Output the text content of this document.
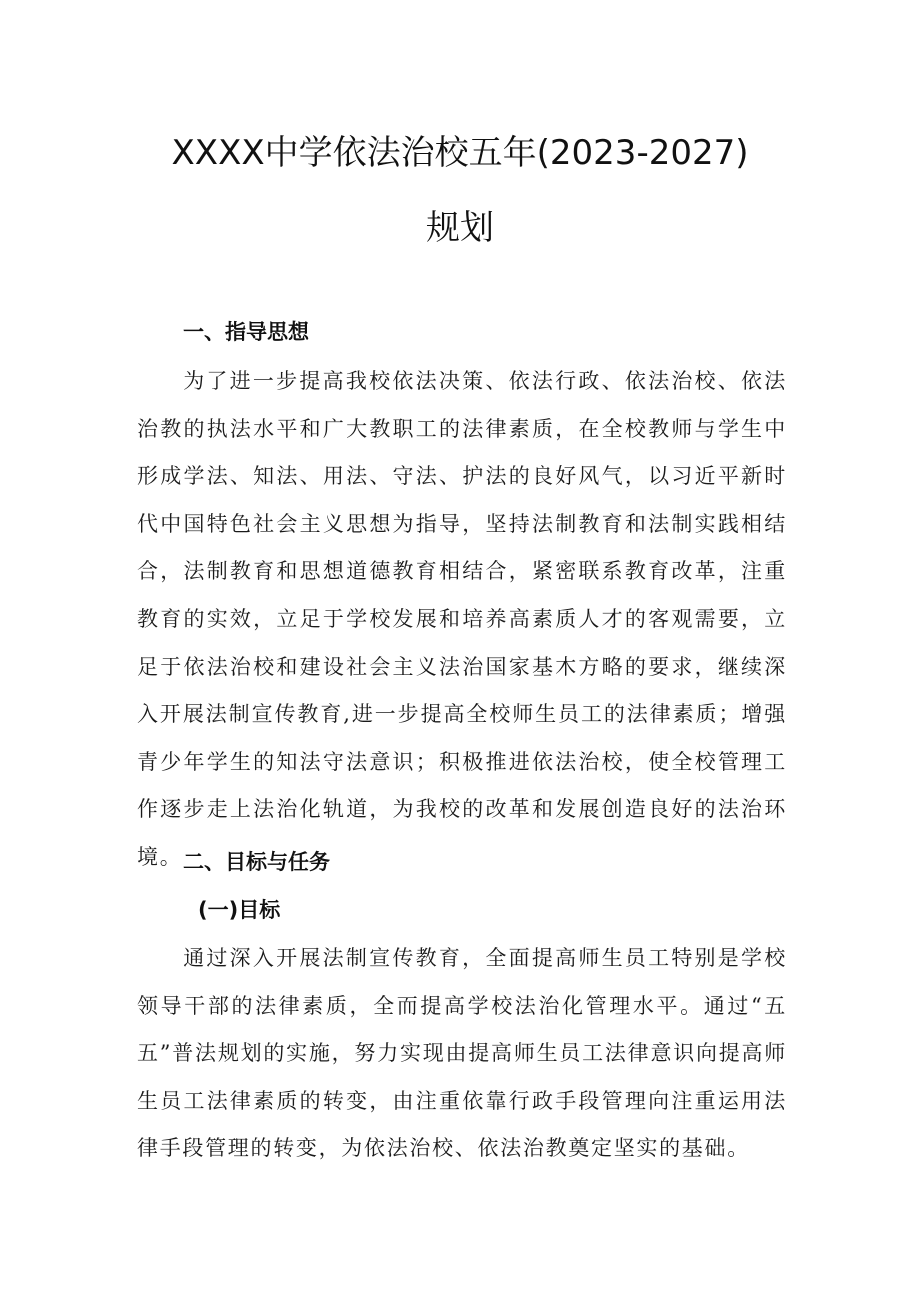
XXXX中学依法治校五年(2023-2027)
规划
一、指导思想
为了进一步提高我校依法决策、依法行政、依法治校、依法治教的执法水平和广大教职工的法律素质，在全校教师与学生中形成学法、知法、用法、守法、护法的良好风气，以习近平新时代中国特色社会主义思想为指导，坚持法制教育和法制实践相结合，法制教育和思想道德教育相结合，紧密联系教育改革，注重教育的实效，立足于学校发展和培养高素质人才的客观需要，立足于依法治校和建设社会主义法治国家基木方略的要求，继续深入开展法制宣传教育,进一步提高全校师生员工的法律素质；增强青少年学生的知法守法意识；积极推进依法治校，使全校管理工作逐步走上法治化轨道，为我校的改革和发展创造良好的法治环境。 二、目标与任务
(一)目标
通过深入开展法制宣传教育，全面提高师生员工特别是学校领导干部的法律素质，全而提高学校法治化管理水平。通过“五五”普法规划的实施，努力实现由提高师生员工法律意识向提高师生员工法律素质的转变，由注重依靠行政手段管理向注重运用法律手段管理的转变，为依法治校、依法治教奠定坚实的基础。
